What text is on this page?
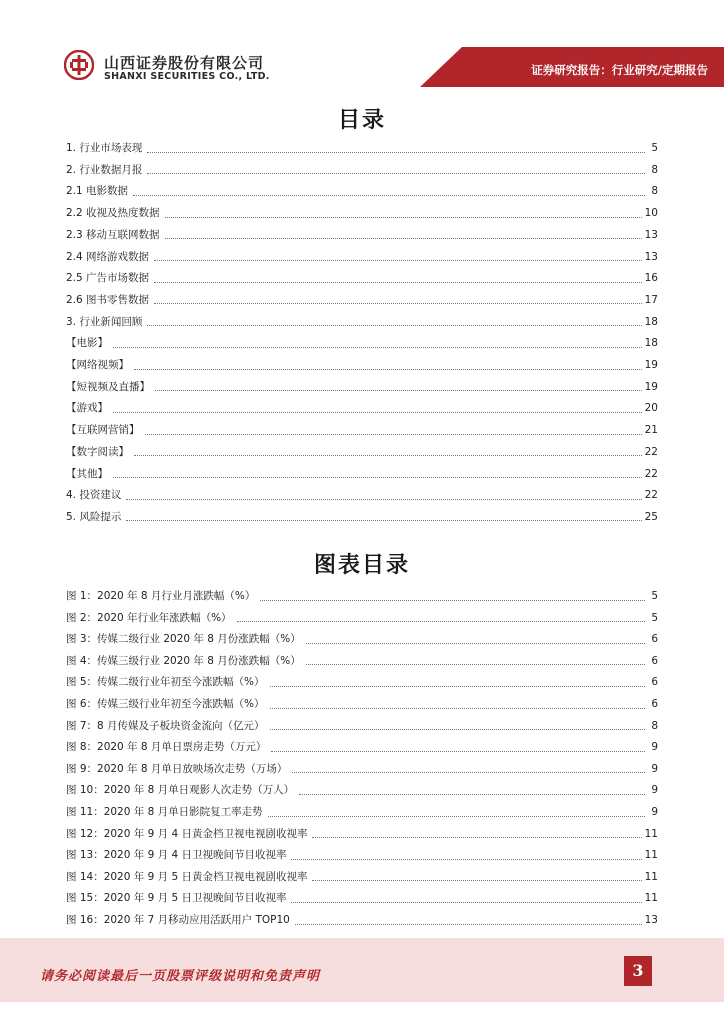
山西证券股份有限公司
SHANXI SECURITIES CO., LTD.	证券研究报告：行业研究/定期报告
目录
1. 行业市场表现	5
2. 行业数据月报	8
2.1 电影数据	8
2.2 收视及热度数据	10
2.3 移动互联网数据	13
2.4 网络游戏数据	13
2.5 广告市场数据	16
2.6 图书零售数据	17
3. 行业新闻回顾	18
【电影】	18
【网络视频】	19
【短视频及直播】	19
【游戏】	20
【互联网营销】	21
【数字阅读】	22
【其他】	22
4. 投资建议	22
5. 风险提示	25
图表目录
图 1：2020 年 8 月行业月涨跌幅（%）	5
图 2：2020 年行业年涨跌幅（%）	5
图 3：传媒二级行业 2020 年 8 月份涨跌幅（%）	6
图 4：传媒三级行业 2020 年 8 月份涨跌幅（%）	6
图 5：传媒二级行业年初至今涨跌幅（%）	6
图 6：传媒三级行业年初至今涨跌幅（%）	6
图 7：8 月传媒及子板块资金流向（亿元）	8
图 8：2020 年 8 月单日票房走势（万元）	9
图 9：2020 年 8 月单日放映场次走势（万场）	9
图 10：2020 年 8 月单日观影人次走势（万人）	9
图 11：2020 年 8 月单日影院复工率走势	9
图 12：2020 年 9 月 4 日黄金档卫视电视剧收视率	11
图 13：2020 年 9 月 4 日卫视晚间节目收视率	11
图 14：2020 年 9 月 5 日黄金档卫视电视剧收视率	11
图 15：2020 年 9 月 5 日卫视晚间节目收视率	11
图 16：2020 年 7 月移动应用活跃用户 TOP10	13
请务必阅读最后一页股票评级说明和免责声明	3
